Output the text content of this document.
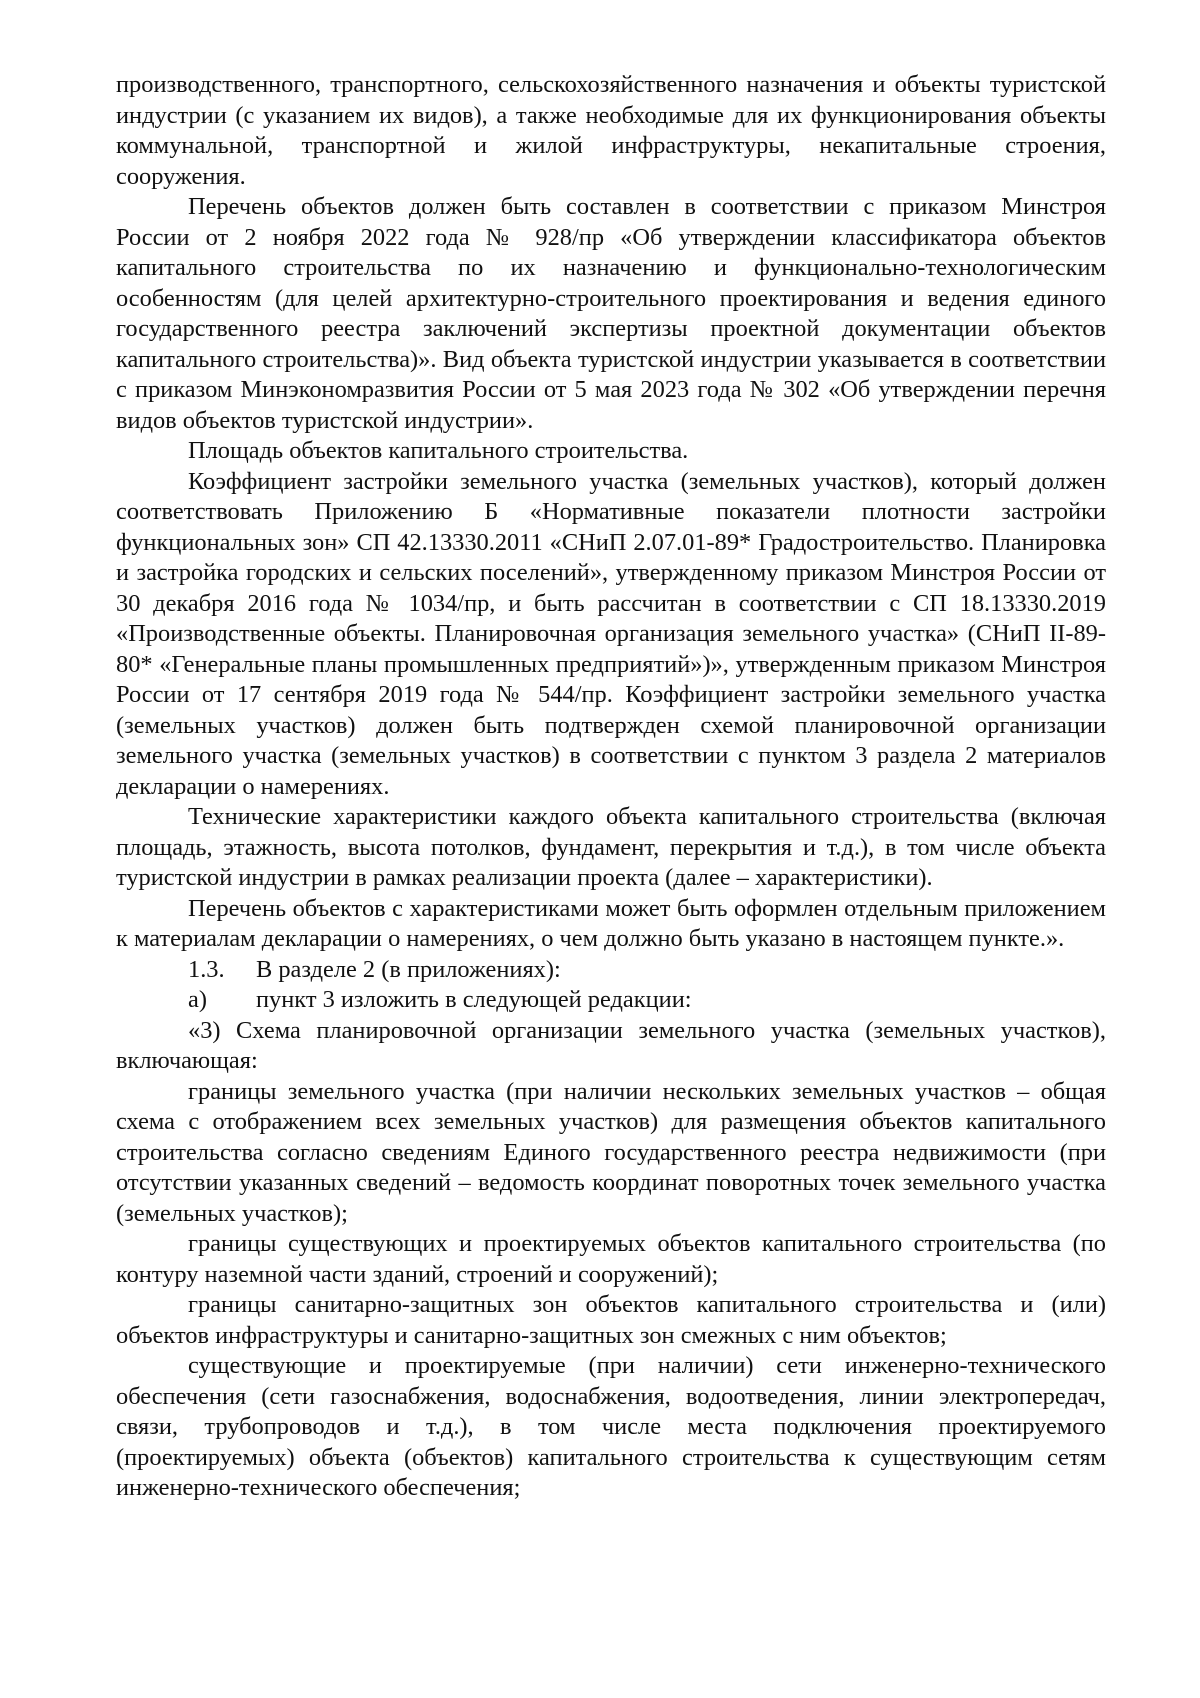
производственного, транспортного, сельскохозяйственного назначения и объекты туристской индустрии (с указанием их видов), а также необходимые для их функционирования объекты коммунальной, транспортной и жилой инфраструктуры, некапитальные строения, сооружения.

Перечень объектов должен быть составлен в соответствии с приказом Минстроя России от 2 ноября 2022 года № 928/пр «Об утверждении классификатора объектов капитального строительства по их назначению и функционально-технологическим особенностям (для целей архитектурно-строительного проектирования и ведения единого государственного реестра заключений экспертизы проектной документации объектов капитального строительства)». Вид объекта туристской индустрии указывается в соответствии с приказом Минэкономразвития России от 5 мая 2023 года № 302 «Об утверждении перечня видов объектов туристской индустрии».

Площадь объектов капитального строительства.

Коэффициент застройки земельного участка (земельных участков), который должен соответствовать Приложению Б «Нормативные показатели плотности застройки функциональных зон» СП 42.13330.2011 «СНиП 2.07.01-89* Градостроительство. Планировка и застройка городских и сельских поселений», утвержденному приказом Минстроя России от 30 декабря 2016 года № 1034/пр, и быть рассчитан в соответствии с СП 18.13330.2019 «Производственные объекты. Планировочная организация земельного участка» (СНиП II-89-80* «Генеральные планы промышленных предприятий»)», утвержденным приказом Минстроя России от 17 сентября 2019 года № 544/пр. Коэффициент застройки земельного участка (земельных участков) должен быть подтвержден схемой планировочной организации земельного участка (земельных участков) в соответствии с пунктом 3 раздела 2 материалов декларации о намерениях.

Технические характеристики каждого объекта капитального строительства (включая площадь, этажность, высота потолков, фундамент, перекрытия и т.д.), в том числе объекта туристской индустрии в рамках реализации проекта (далее – характеристики).

Перечень объектов с характеристиками может быть оформлен отдельным приложением к материалам декларации о намерениях, о чем должно быть указано в настоящем пункте.».

1.3.	В разделе 2 (в приложениях):
а)	пункт 3 изложить в следующей редакции:

«3) Схема планировочной организации земельного участка (земельных участков), включающая:

границы земельного участка (при наличии нескольких земельных участков – общая схема с отображением всех земельных участков) для размещения объектов капитального строительства согласно сведениям Единого государственного реестра недвижимости (при отсутствии указанных сведений – ведомость координат поворотных точек земельного участка (земельных участков);

границы существующих и проектируемых объектов капитального строительства (по контуру наземной части зданий, строений и сооружений);

границы санитарно-защитных зон объектов капитального строительства и (или) объектов инфраструктуры и санитарно-защитных зон смежных с ним объектов;

существующие и проектируемые (при наличии) сети инженерно-технического обеспечения (сети газоснабжения, водоснабжения, водоотведения, линии электропередач, связи, трубопроводов и т.д.), в том числе места подключения проектируемого (проектируемых) объекта (объектов) капитального строительства к существующим сетям инженерно-технического обеспечения;
